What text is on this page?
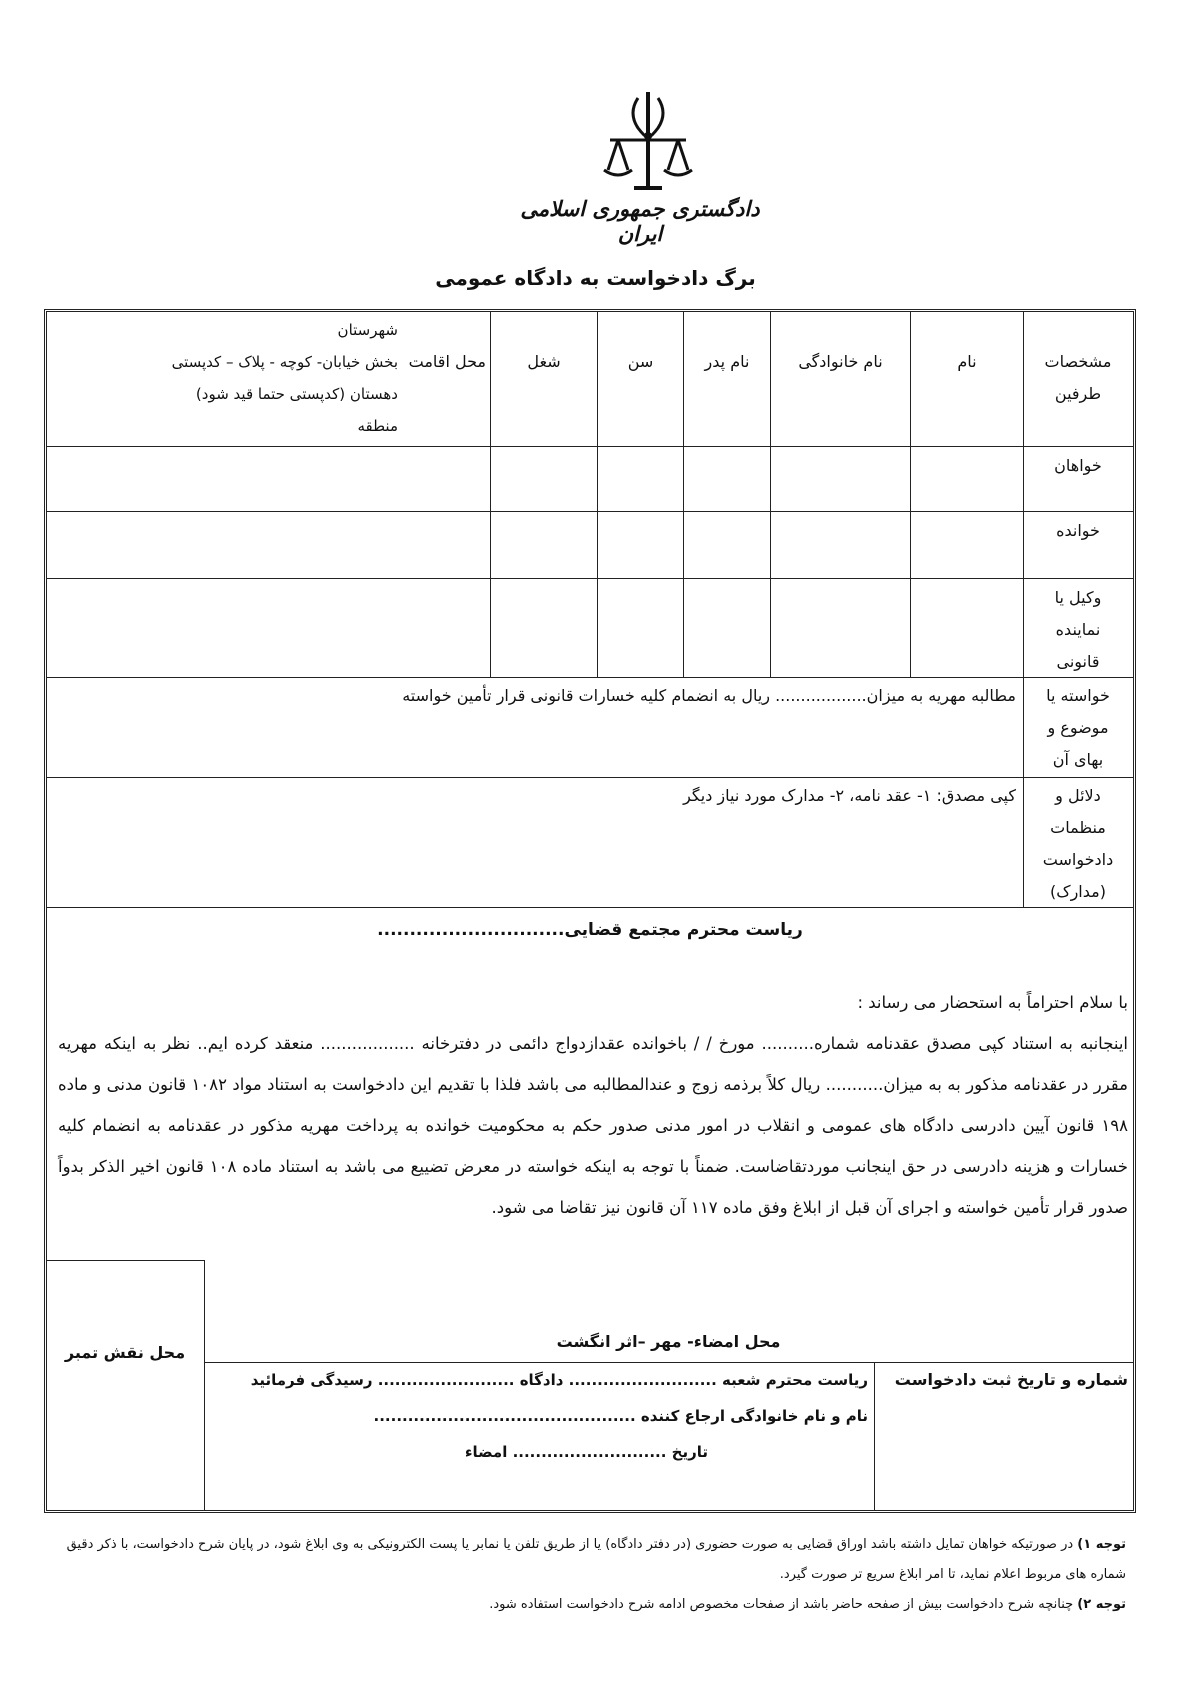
دادگستری جمهوری اسلامی ایران
برگ دادخواست به دادگاه عمومی
مشخصات طرفین
نام
نام خانوادگی
نام پدر
سن
شغل
محل اقامت
شهرستان
بخش خیابان- کوچه - پلاک – کدپستی
دهستان (کدپستی حتما قید شود)
منطقه
خواهان
خوانده
وکیل یا نماینده قانونی
خواسته یا موضوع و بهای آن
مطالبه مهریه به میزان.................. ریال به انضمام کلیه خسارات قانونی قرار تأمین خواسته
دلائل و منظمات دادخواست (مدارک)
کپی مصدق: ۱- عقد نامه، ۲- مدارک مورد نیاز دیگر
ریاست محترم مجتمع قضایی.............................
با سلام احتراماً به استحضار می رساند :
اینجانبه به استناد کپی مصدق عقدنامه شماره.......... مورخ / / باخوانده عقدازدواج دائمی در دفترخانه .................. منعقد کرده ایم.. نظر به اینکه مهریه مقرر در عقدنامه مذکور به به میزان........... ریال کلاً برذمه زوج و عندالمطالبه می باشد فلذا با تقدیم این دادخواست به استناد مواد ۱۰۸۲ قانون مدنی و ماده ۱۹۸ قانون آیین دادرسی دادگاه های عمومی و انقلاب در امور مدنی صدور حکم به محکومیت خوانده به پرداخت مهریه مذکور در عقدنامه به انضمام کلیه خسارات و هزینه دادرسی در حق اینجانب موردتقاضاست. ضمناً با توجه به اینکه خواسته در معرض تضییع می باشد به استناد ماده ۱۰۸ قانون اخیر الذکر بدواً صدور قرار تأمین خواسته و اجرای آن قبل از ابلاغ وفق ماده ۱۱۷ آن قانون نیز تقاضا می شود.
محل نقش تمبر
محل امضاء- مهر –اثر انگشت
شماره و تاریخ ثبت دادخواست
ریاست محترم شعبه .......................... دادگاه ........................ رسیدگی فرمائید
نام و نام خانوادگی ارجاع کننده ..............................................
تاریخ ........................... امضاء
توجه ۱) در صورتیکه خواهان تمایل داشته باشد اوراق قضایی به صورت حضوری (در دفتر دادگاه) یا از طریق تلفن یا نمابر یا پست الکترونیکی به وی ابلاغ شود، در پایان شرح دادخواست، با ذکر دقیق شماره های مربوط اعلام نماید، تا امر ابلاغ سریع تر صورت گیرد.
توجه ۲) چنانچه شرح دادخواست بیش از صفحه حاضر باشد از صفحات مخصوص ادامه شرح دادخواست استفاده شود.
